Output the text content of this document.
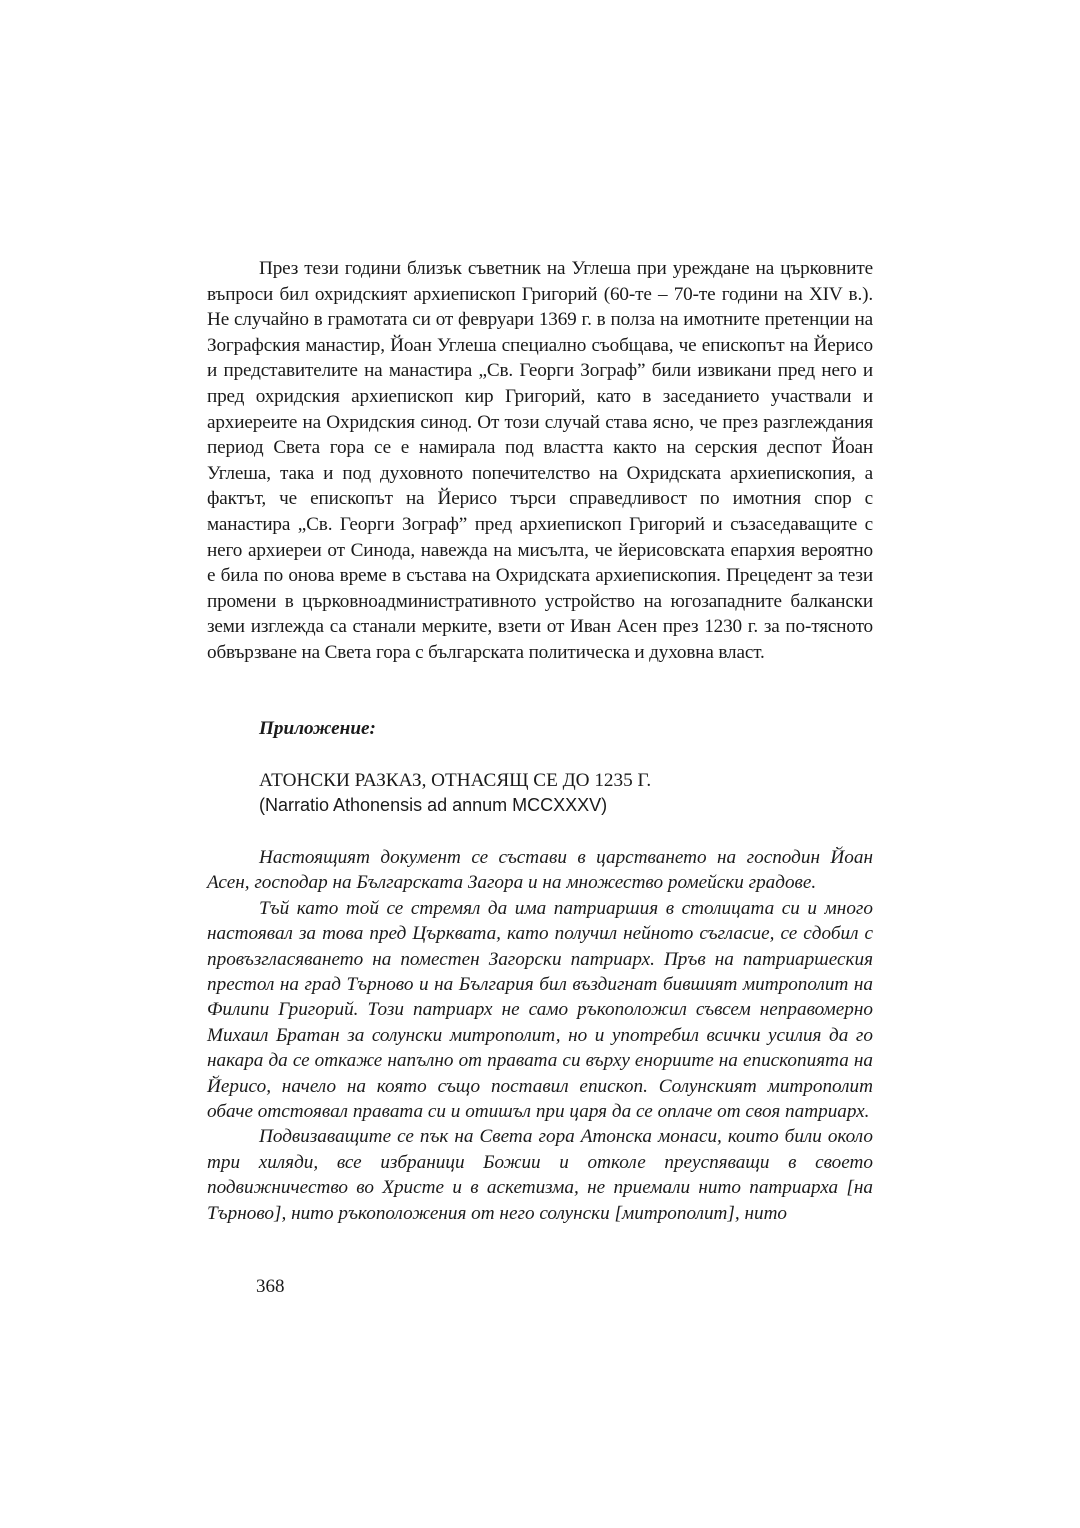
През тези години близък съветник на Углеша при уреждане на църковните въпроси бил охридският архиепископ Григорий (60-те – 70-те години на XIV в.). Не случайно в грамотата си от февруари 1369 г. в полза на имотните претенции на Зографския манастир, Йоан Углеша специално съобщава, че епископът на Йерисо и представителите на манастира „Св. Георги Зограф” били извикани пред него и пред охридския архиепископ кир Григорий, като в заседанието участвали и архиереите на Охридския синод. От този случай става ясно, че през разглеждания период Света гора се е намирала под властта както на серския деспот Йоан Углеша, така и под духовното попечителство на Охридската архиепископия, а фактът, че епископът на Йерисо търси справедливост по имотния спор с манастира „Св. Георги Зограф” пред архиепископ Григорий и съзаседаващите с него архиереи от Синода, навежда на мисълта, че йерисовската епархия вероятно е била по онова време в състава на Охридската архиепископия. Прецедент за тези промени в църковноадминистративното устройство на югозападните балкански земи изглежда са станали мерките, взети от Иван Асен през 1230 г. за по-тясното обвързване на Света гора с българската политическа и духовна власт.

Приложение:

АТОНСКИ РАЗКАЗ, ОТНАСЯЩ СЕ ДО 1235 Г.
(Narratio Athonensis ad annum MCCXXXV)

Настоящият документ се състави в царстването на господин Йоан Асен, господар на Българската Загора и на множество ромейски градове.

Тъй като той се стремял да има патриаршия в столицата си и много настоявал за това пред Църквата, като получил нейното съгласие, се сдобил с провъзгласяването на поместен Загорски патриарх. Пръв на патриаршеския престол на град Търново и на България бил въздигнат бившият митрополит на Филипи Григорий. Този патриарх не само ръкоположил съвсем неправомерно Михаил Братан за солунски митрополит, но и употребил всички усилия да го накара да се откаже напълно от правата си върху енориите на епископията на Йерисо, начело на която също поставил епископ. Солунският митрополит обаче отстоявал правата си и отишъл при царя да се оплаче от своя патриарх.

Подвизаващите се пък на Света гора Атонска монаси, които били около три хиляди, все избраници Божии и отколе преуспяващи в своето подвижничество во Христе и в аскетизма, не приемали нито патриарха [на Търново], нито ръкоположения от него солунски [митрополит], нито

368
